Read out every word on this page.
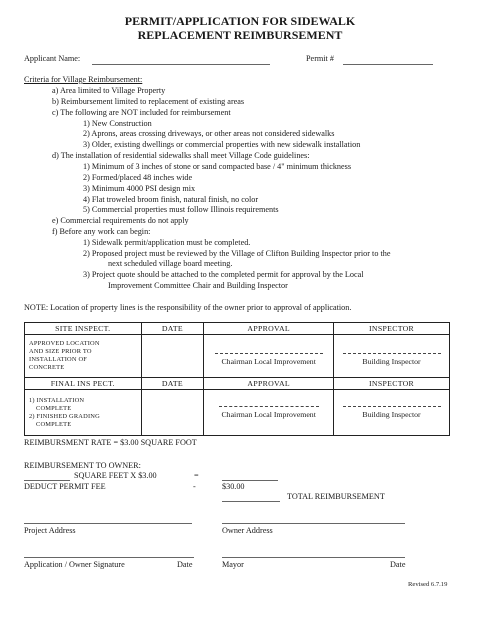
PERMIT/APPLICATION FOR SIDEWALK
REPLACEMENT REIMBURSEMENT
Applicant Name:	Permit #
Criteria for Village Reimbursement:
a) Area limited to Village Property
b) Reimbursement limited to replacement of existing areas
c) The following are NOT included for reimbursement
1) New Construction
2) Aprons, areas crossing driveways, or other areas not considered sidewalks
3) Older, existing dwellings or commercial properties with new sidewalk installation
d) The installation of residential sidewalks shall meet Village Code guidelines:
1) Minimum of 3 inches of stone or sand compacted base / 4" minimum thickness
2) Formed/placed 48 inches wide
3) Minimum 4000 PSI design mix
4) Flat troweled broom finish, natural finish, no color
5) Commercial properties must follow Illinois requirements
e) Commercial requirements do not apply
f) Before any work can begin:
1) Sidewalk permit/application must be completed.
2) Proposed project must be reviewed by the Village of Clifton Building Inspector prior to the
next scheduled village board meeting.
3) Project quote should be attached to the completed permit for approval by the Local
Improvement Committee Chair and Building Inspector
NOTE: Location of property lines is the responsibility of the owner prior to approval of application.
SITE INSPECT.	DATE	APPROVAL	INSPECTOR

APPROVED LOCATION
AND SIZE PRIOR TO
INSTALLATION OF
CONCRETE		Chairman Local Improvement	Building Inspector
FINAL INS PECT.	DATE	APPROVAL	INSPECTOR

1) INSTALLATION
COMPLETE
2) FINISHED GRADING
COMPLETE		Chairman Local Improvement	Building Inspector
REIMBURSMENT RATE = $3.00 SQUARE FOOT
REIMBURSEMENT TO OWNER:
SQUARE FEET X $3.00	=
DEDUCT PERMIT FEE	-	$30.00
TOTAL REIMBURSEMENT
Project Address	Owner Address
Application / Owner Signature	Date	Mayor	Date
Revised 6.7.19
